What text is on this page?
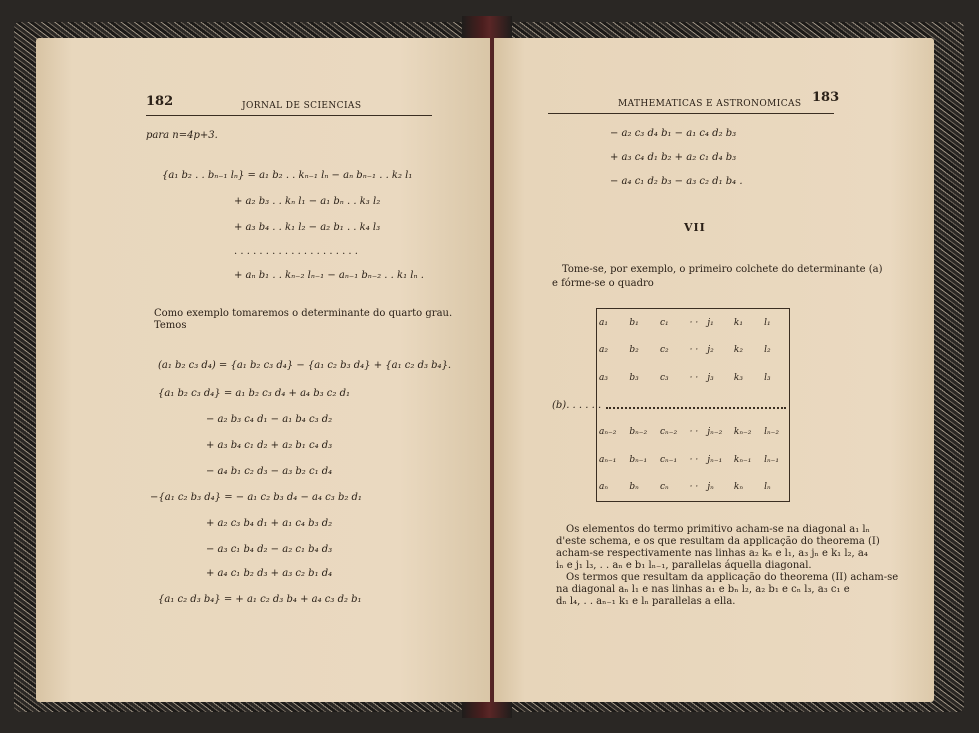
182	JORNAL DE SCIENCIAS
para n=4p+3.
{a₁ b₂ . . bₙ₋₁ lₙ} = a₁ b₂ . . kₙ₋₁ lₙ − aₙ bₙ₋₁ . . k₂ l₁
+ a₂ b₃ . . kₙ l₁ − a₁ bₙ . . k₃ l₂
+ a₃ b₄ . . k₁ l₂ − a₂ b₁ . . k₄ l₃
. . . . . . . . . . . . . . . . . . . .
+ aₙ b₁ . . kₙ₋₂ lₙ₋₁ − aₙ₋₁ bₙ₋₂ . . k₁ lₙ .
Como exemplo tomaremos o determinante do quarto grau.
Temos
(a₁ b₂ c₃ d₄) = {a₁ b₂ c₃ d₄} − {a₁ c₂ b₃ d₄} + {a₁ c₂ d₃ b₄}.
{a₁ b₂ c₃ d₄} = a₁ b₂ c₃ d₄ + a₄ b₃ c₂ d₁
− a₂ b₃ c₄ d₁ − a₁ b₄ c₃ d₂
+ a₃ b₄ c₁ d₂ + a₂ b₁ c₄ d₃
− a₄ b₁ c₂ d₃ − a₃ b₂ c₁ d₄
−{a₁ c₂ b₃ d₄} = − a₁ c₂ b₃ d₄ − a₄ c₃ b₂ d₁
+ a₂ c₃ b₄ d₁ + a₁ c₄ b₃ d₂
− a₃ c₁ b₄ d₂ − a₂ c₁ b₄ d₃
+ a₄ c₁ b₂ d₃ + a₃ c₂ b₁ d₄
{a₁ c₂ d₃ b₄} = + a₁ c₂ d₃ b₄ + a₄ c₃ d₂ b₁
MATHEMATICAS E ASTRONOMICAS 183
− a₂ c₃ d₄ b₁ − a₁ c₄ d₂ b₃
+ a₃ c₄ d₁ b₂ + a₂ c₁ d₄ b₃
− a₄ c₁ d₂ b₃ − a₃ c₂ d₁ b₄ .
VII
Tome-se, por exemplo, o primeiro colchete do determinante (a)
e fórme-se o quadro
a₁	b₁	c₁	· ·	j₁	k₁	l₁
a₂	b₂	c₂	· ·	j₂	k₂	l₂
a₃	b₃	c₃	· ·	j₃	k₃	l₃

aₙ₋₂	bₙ₋₂	cₙ₋₂	· ·	jₙ₋₂	kₙ₋₂	lₙ₋₂
aₙ₋₁	bₙ₋₁	cₙ₋₁	· ·	jₙ₋₁	kₙ₋₁	lₙ₋₁
aₙ	bₙ	cₙ	· ·	jₙ	kₙ	lₙ
(b). . . . . .
Os elementos do termo primitivo acham-se na diagonal a₁ lₙ
d'este schema, e os que resultam da applicação do theorema (I)
acham-se respectivamente nas linhas a₂ kₙ e l₁, a₃ jₙ e k₁ l₂, a₄
iₙ e j₁ l₃, . . aₙ e b₁ lₙ₋₁, parallelas áquella diagonal.
Os termos que resultam da applicação do theorema (II) acham-se
na diagonal aₙ l₁ e nas linhas a₁ e bₙ l₂, a₂ b₁ e cₙ l₃, a₃ c₁ e
dₙ l₄, . . aₙ₋₁ k₁ e lₙ parallelas a ella.
